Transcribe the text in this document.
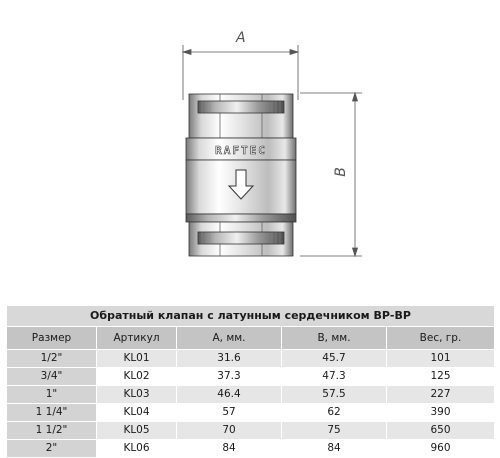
RAFTEC
A
B
Обратный клапан с латунным сердечником ВР-ВР
Размер	Артикул	А, мм.	В, мм.	Вес, гр.
1/2"	KL01	31.6	45.7	101
3/4"	KL02	37.3	47.3	125
1"	KL03	46.4	57.5	227
1 1/4"	KL04	57	62	390
1 1/2"	KL05	70	75	650
2"	KL06	84	84	960
